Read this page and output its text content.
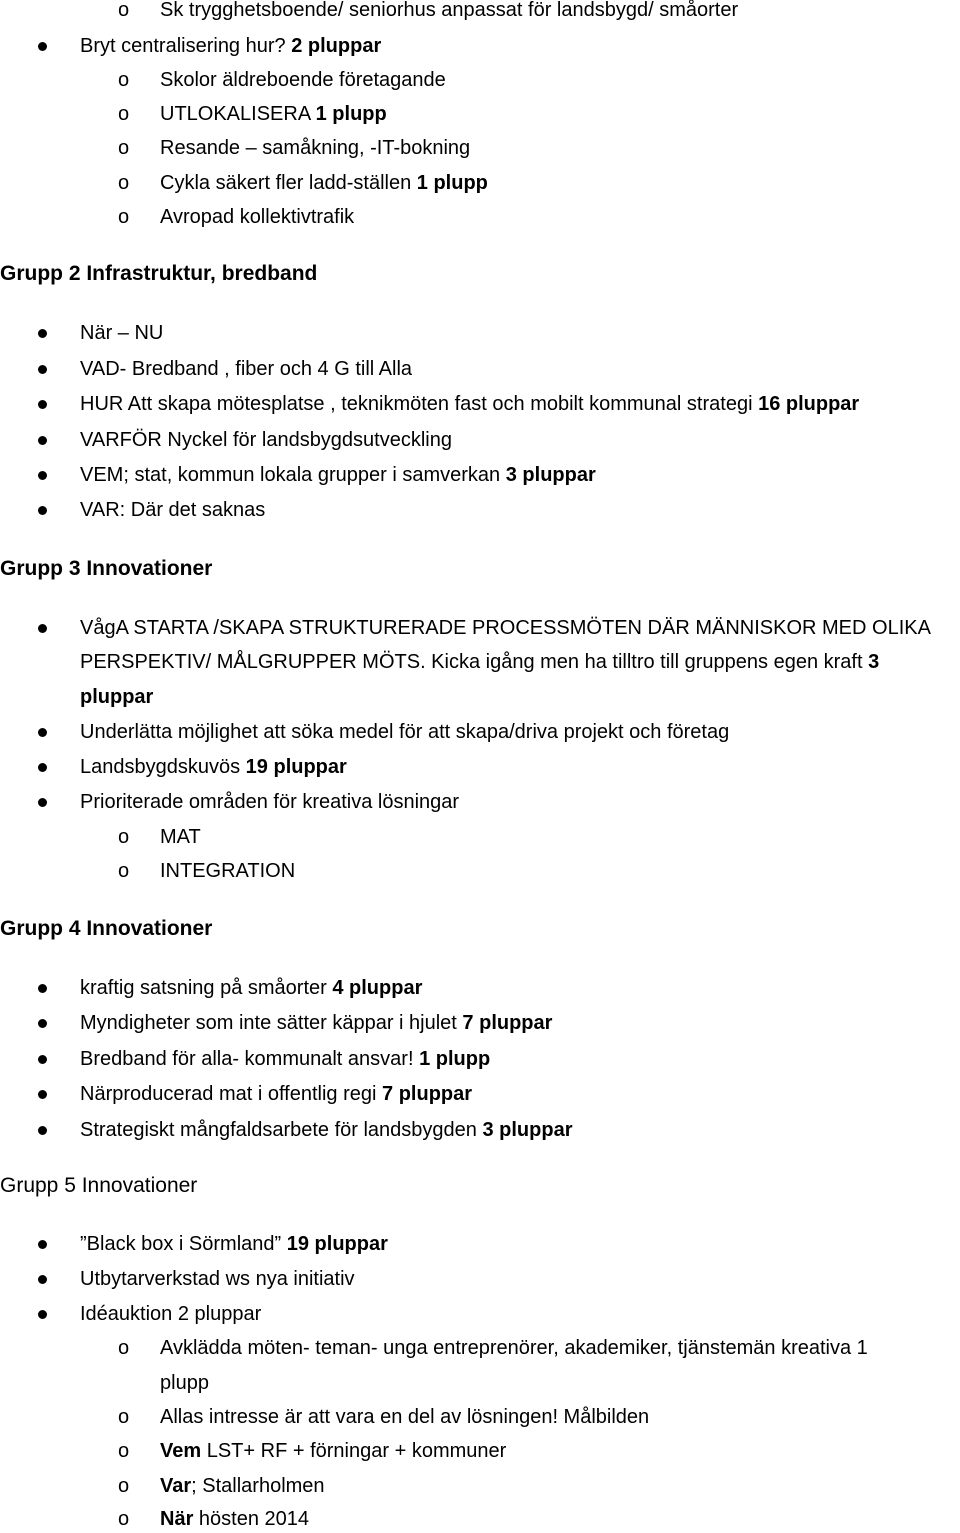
o Sk trygghetsboende/ seniorhus anpassat för landsbygd/ småorter
Bryt centralisering hur? 2 pluppar
o Skolor äldreboende företagande
o UTLOKALISERA 1 plupp
o Resande – samåkning, -IT-bokning
o Cykla säkert fler ladd-ställen 1 plupp
o Avropad kollektivtrafik
Grupp 2 Infrastruktur, bredband
När – NU
VAD- Bredband , fiber och 4 G till Alla
HUR Att skapa mötesplatse , teknikmöten fast och mobilt kommunal strategi 16 pluppar
VARFÖR Nyckel för landsbygdsutveckling
VEM; stat, kommun lokala grupper i samverkan 3 pluppar
VAR: Där det saknas
Grupp 3 Innovationer
VågA STARTA /SKAPA STRUKTURERADE PROCESSMÖTEN DÄR MÄNNISKOR MED OLIKA
PERSPEKTIV/ MÅLGRUPPER MÖTS. Kicka igång men ha tilltro till gruppens egen kraft 3
pluppar
Underlätta möjlighet att söka medel för att skapa/driva projekt och företag
Landsbygdskuvös 19 pluppar
Prioriterade områden för kreativa lösningar
o MAT
o INTEGRATION
Grupp 4 Innovationer
kraftig satsning på småorter 4 pluppar
Myndigheter som inte sätter käppar i hjulet 7 pluppar
Bredband för alla- kommunalt ansvar! 1 plupp
Närproducerad mat i offentlig regi 7 pluppar
Strategiskt mångfaldsarbete för landsbygden 3 pluppar
Grupp 5 Innovationer
”Black box i Sörmland” 19 pluppar
Utbytarverkstad ws nya initiativ
Idéauktion 2 pluppar
o Avklädda möten- teman- unga entreprenörer, akademiker, tjänstemän kreativa 1
plupp
o Allas intresse är att vara en del av lösningen! Målbilden
o Vem LST+ RF + förningar + kommuner
o Var; Stallarholmen
o När hösten 2014
